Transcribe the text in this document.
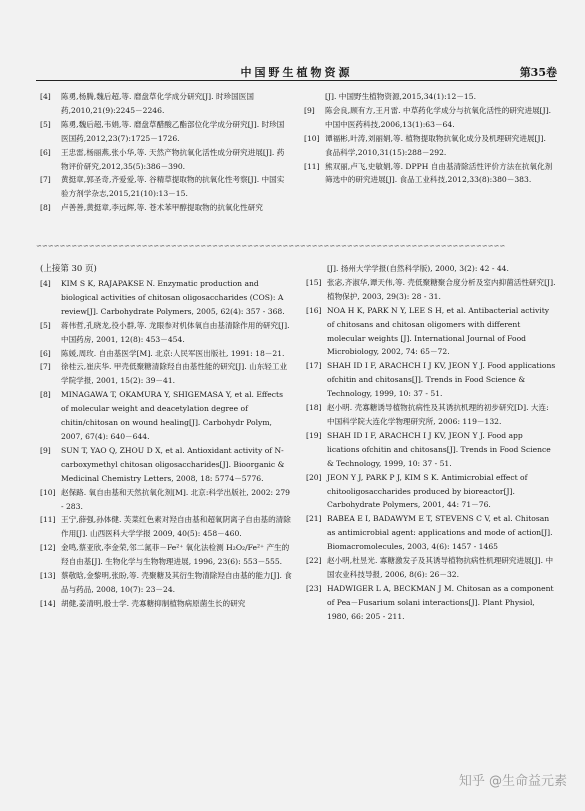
中国野生植物资源	第35卷
[4] 陈勇,杨腾,魏后超,等. 磨盘草化学成分研究[J]. 时珍国医国药,2010,21(9):2245－2246.
[5] 陈勇,魏后超,韦娟,等. 磨盘草醋酸乙酯部位化学成分研究[J]. 时珍国医国药,2012,23(7):1725－1726.
[6] 王忠雷,杨丽燕,张小华,等. 天然产物抗氧化活性成分研究进展[J]. 药物评价研究,2012,35(5):386－390.
[7] 黄挺章,郭圣奇,齐爱爱,等. 谷精草提取物的抗氧化性考察[J]. 中国实验方剂学杂志,2015,21(10):13－15.
[8] 卢善善,黄挺章,李远辉,等. 苍术苯甲醇提取物的抗氧化性研究
[J]. 中国野生植物资源,2015,34(1):12－15.
[9] 陈会良,顾有方,王月雷. 中草药化学成分与抗氧化活性的研究进展[J]. 中国中医药科技,2006,13(1):63－64.
[10] 谭福彬,叶涛,刘丽娟,等. 植物提取物抗氧化成分及机理研究进展[J]. 食品科学,2010,31(15):288－292.
[11] 熊双丽,卢飞,史敏娟,等. DPPH 自由基清除活性评价方法在抗氧化剂筛选中的研究进展[J]. 食品工业科技,2012,33(8):380－383.
∽∽∽∽∽∽∽∽∽∽∽∽∽∽∽∽∽∽∽∽∽∽∽∽∽∽∽∽∽∽∽∽∽∽∽∽∽∽∽∽∽∽∽∽∽∽∽∽∽∽∽∽∽∽∽∽∽∽∽∽∽∽∽∽∽∽∽∽∽∽∽∽∽∽∽∽∽∽∽∽
(上接第 30 页)
[4] KIM S K, RAJAPAKSE N. Enzymatic production and biological activities of chitosan oligosaccharides (COS): A review[J]. Carbohydrate Polymers, 2005, 62(4): 357 - 368.
[5] 蒋伟哲,孔晓龙,役小群,等. 龙眼参对机体氧自由基清除作用的研究[J]. 中国药房, 2001, 12(8): 453－454.
[6] 陈媛,周玫. 自由基医学[M]. 北京:人民军医出版社, 1991: 18－21.
[7] 徐桂云,崔庆华. 甲壳低聚糖清除羟自由基性能的研究[J]. 山东轻工业学院学报, 2001, 15(2): 39－41.
[8] MINAGAWA T, OKAMURA Y, SHIGEMASA Y, et al. Effects of molecular weight and deacetylation degree of chitin/chitosan on wound healing[J]. Carbohydr Polym, 2007, 67(4): 640－644.
[9] SUN T, YAO Q, ZHOU D X, et al. Antioxidant activity of N-carboxymethyl chitosan oligosaccharides[J]. Bioorganic & Medicinal Chemistry Letters, 2008, 18: 5774－5776.
[10] 赵保路. 氧自由基和天然抗氧化剂[M]. 北京:科学出版社, 2002: 279 - 283.
[11] 王宁,薛强,孙体健. 芙菜红色素对羟自由基和超氧阴离子自由基的清除作用[J]. 山西医科大学学报 2009, 40(5): 458－460.
[12] 金鸣,蔡亚欣,李金荣,邻二氮菲－Fe²⁺ 氧化法检测 H₂O₂/Fe²⁺ 产生的羟自由基[J]. 生物化学与生物物理进展, 1996, 23(6): 553－555.
[13] 蔡敬晗,金黎明,张盼,等. 壳聚糖及其衍生物清除羟自由基的能力[J]. 食品与药品, 2008, 10(7): 23－24.
[14] 胡健,姜清明,殷士学. 壳寡糖抑制植物病原菌生长的研究
[J]. 扬州大学学报(自然科学版), 2000, 3(2): 42 - 44.
[15] 张宓,齐淑华,谭天伟,等. 壳低聚糖聚合度分析及室内抑菌活性研究[J]. 植物保护, 2003, 29(3): 28 - 31.
[16] NOA H K, PARK N Y, LEE S H, et al. Antibacterial activity of chitosans and chitosan oligomers with different molecular weights [J]. International Journal of Food Microbiology, 2002, 74: 65－72.
[17] SHAH ID I F, ARACHCH I J KV, JEON Y J. Food applications ofchitin and chitosans[J]. Trends in Food Science & Technology, 1999, 10: 37 - 51.
[18] 赵小明. 壳寡糖诱导植物抗病性及其诱抗机理的初步研究[D]. 大连:中国科学院大连化学物理研究所, 2006: 119－132.
[19] SHAH ID I F, ARACHCH I J KV, JEON Y J. Food app lications ofchitin and chitosans[J]. Trends in Food Science & Technology, 1999, 10: 37 - 51.
[20] JEON Y J, PARK P J, KIM S K. Antimicrobial effect of chitooligosaccharides produced by bioreactor[J]. Carbohydrate Polymers, 2001, 44: 71－76.
[21] RABEA E I, BADAWYM E T, STEVENS C V, et al. Chitosan as antimicrobial agent: applications and mode of action[J]. Biomacromolecules, 2003, 4(6): 1457 - 1465
[22] 赵小明,杜昱光. 寡糖激发子及其诱导植物抗病性机理研究进展[J]. 中国农业科技导报, 2006, 8(6): 26－32.
[23] HADWIGER L A, BECKMAN J M. Chitosan as a component of Pea－Fusarium solani interactions[J]. Plant Physiol, 1980, 66: 205 - 211.
知乎 @生命益元素
